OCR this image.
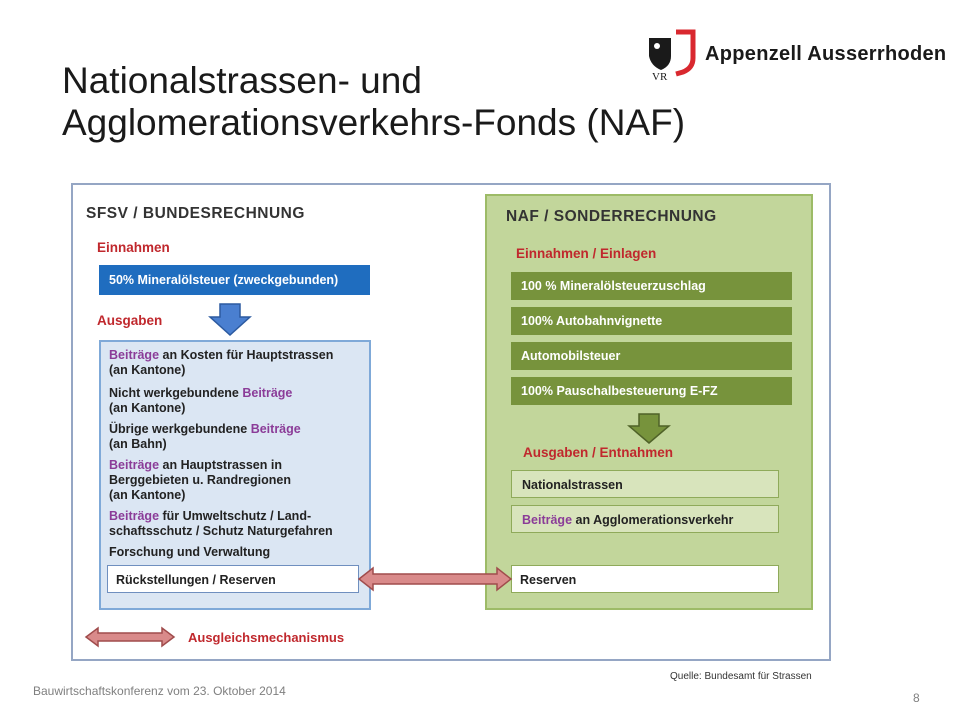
Nationalstrassen- und
Agglomerationsverkehrs-Fonds (NAF)
VR
Appenzell Ausserrhoden
SFSV / BUNDESRECHNUNG
Einnahmen
50% Mineralölsteuer (zweckgebunden)
Ausgaben
Beiträge an Kosten für Hauptstrassen
(an Kantone)
Nicht werkgebundene Beiträge
(an Kantone)
Übrige werkgebundene Beiträge
(an Bahn)
Beiträge an Hauptstrassen in
Berggebieten u. Randregionen
(an Kantone)
Beiträge für Umweltschutz / Land-
schaftsschutz / Schutz Naturgefahren
Forschung und Verwaltung
Rückstellungen / Reserven
NAF / SONDERRECHNUNG
Einnahmen / Einlagen
100 % Mineralölsteuerzuschlag
100% Autobahnvignette
Automobilsteuer
100% Pauschalbesteuerung E-FZ
Ausgaben / Entnahmen
Nationalstrassen
Beiträge an Agglomerationsverkehr
Reserven
Ausgleichsmechanismus
Quelle: Bundesamt für Strassen
Bauwirtschaftskonferenz vom 23. Oktober 2014	8
